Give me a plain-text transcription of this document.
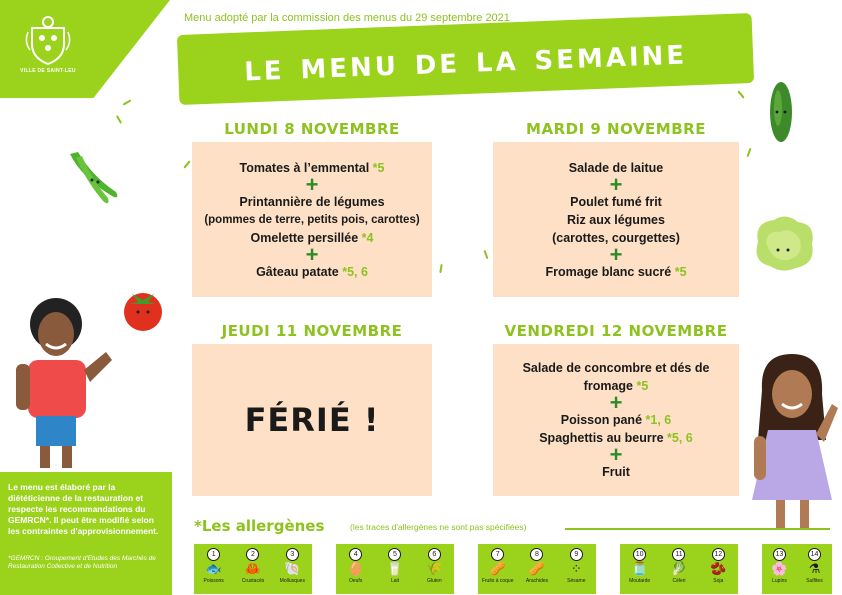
VILLE DE SAINT-LEU
Menu adopté par la commission des menus du 29 septembre 2021
le menu de la semaine
LUNDI 8 NOVEMBRE
Tomates à l’emmental *5
+
Printannière de légumes
(pommes de terre, petits pois, carottes)
Omelette persillée *4
+
Gâteau patate *5, 6
MARDI 9 NOVEMBRE
Salade de laitue
+
Poulet fumé frit
Riz aux légumes
(carottes, courgettes)
+
Fromage blanc sucré *5
JEUDI 11 NOVEMBRE
FÉRIÉ !
VENDREDI 12 NOVEMBRE
Salade de concombre et dés de
fromage *5
+
Poisson pané *1, 6
Spaghettis au beurre *5, 6
+
Fruit
Le menu est élaboré par la diététicienne de la restauration et respecte les recommandations du GEMRCN*. Il peut être modifié selon les contraintes d'approvisionnement.
*GEMRCN : Groupement d'Etudes des Marchés de Restauration Collective et de Nutrition
*Les allergènes	(les traces d'allergènes ne sont pas spécifiées)
1
🐟
Poissons
2
🦀
Crustacés
3
🐚
Mollusques
4
🥚
Oeufs
5
🥛
Lait
6
🌾
Gluten
7
🥜
Fruits à coque
8
🥜
Arachides
9
⁘
Sésame
10
🫙
Moutarde
11
🥬
Céleri
12
🫘
Soja
13
🌸
Lupins
14
⚗
Sulfites
